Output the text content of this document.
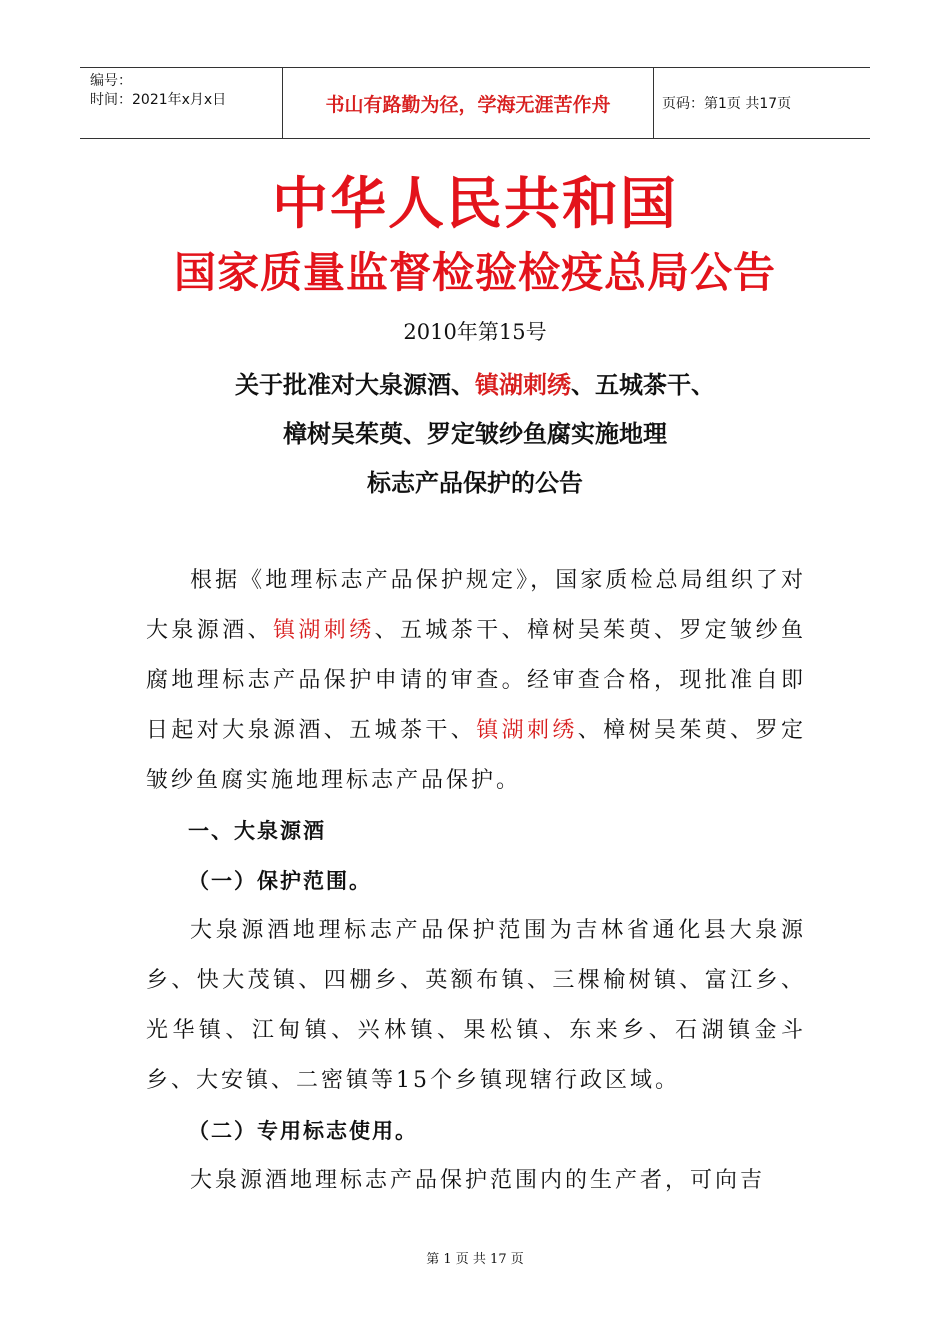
编号：
时间：2021年x月x日	书山有路勤为径，学海无涯苦作舟	页码：第1页 共17页
中华人民共和国
国家质量监督检验检疫总局公告
2010年第15号
关于批准对大泉源酒、镇湖刺绣、五城茶干、
樟树吴茱萸、罗定皱纱鱼腐实施地理
标志产品保护的公告

根据《地理标志产品保护规定》，国家质检总局组织了对大泉源酒、镇湖刺绣、五城茶干、樟树吴茱萸、罗定皱纱鱼腐地理标志产品保护申请的审查。经审查合格，现批准自即日起对大泉源酒、五城茶干、镇湖刺绣、樟树吴茱萸、罗定皱纱鱼腐实施地理标志产品保护。

一、大泉源酒

（一）保护范围。

大泉源酒地理标志产品保护范围为吉林省通化县大泉源乡、快大茂镇、四棚乡、英额布镇、三棵榆树镇、富江乡、光华镇、江甸镇、兴林镇、果松镇、东来乡、石湖镇金斗乡、大安镇、二密镇等15个乡镇现辖行政区域。

（二）专用标志使用。

大泉源酒地理标志产品保护范围内的生产者，可向吉

第 1 页 共 17 页
